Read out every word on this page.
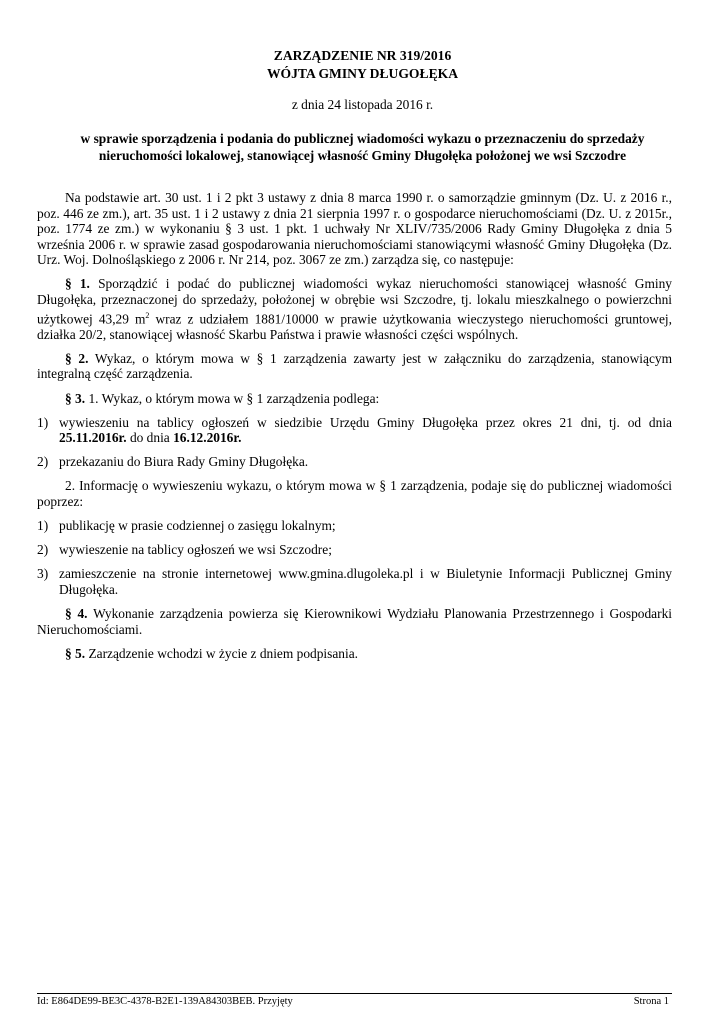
ZARZĄDZENIE NR 319/2016
WÓJTA GMINY DŁUGOŁĘKA
z dnia 24 listopada 2016 r.
w sprawie sporządzenia i podania do publicznej wiadomości wykazu o przeznaczeniu do sprzedaży
nieruchomości lokalowej, stanowiącej własność Gminy Długołęka położonej we wsi Szczodre

Na podstawie art. 30 ust. 1 i 2 pkt 3 ustawy z dnia 8 marca 1990 r. o samorządzie gminnym (Dz. U. z 2016 r., poz. 446 ze zm.), art. 35 ust. 1 i 2 ustawy z dnia 21 sierpnia 1997 r. o gospodarce nieruchomościami (Dz. U. z 2015r., poz. 1774 ze zm.) w wykonaniu § 3 ust. 1 pkt. 1 uchwały Nr XLIV/735/2006 Rady Gminy Długołęka z dnia 5 września 2006 r. w sprawie zasad gospodarowania nieruchomościami stanowiącymi własność Gminy Długołęka (Dz. Urz. Woj. Dolnośląskiego z 2006 r. Nr 214, poz. 3067 ze zm.) zarządza się, co następuje:

§ 1. Sporządzić i podać do publicznej wiadomości wykaz nieruchomości stanowiącej własność Gminy Długołęka, przeznaczonej do sprzedaży, położonej w obrębie wsi Szczodre, tj. lokalu mieszkalnego o powierzchni użytkowej 43,29 $m^2$ wraz z udziałem 1881/10000 w prawie użytkowania wieczystego nieruchomości gruntowej, działka 20/2, stanowiącej własność Skarbu Państwa i prawie własności części wspólnych.

§ 2. Wykaz, o którym mowa w § 1 zarządzenia zawarty jest w załączniku do zarządzenia, stanowiącym integralną część zarządzenia.

§ 3. 1. Wykaz, o którym mowa w § 1 zarządzenia podlega:

1) wywieszeniu na tablicy ogłoszeń w siedzibie Urzędu Gminy Długołęka przez okres 21 dni, tj. od dnia 25.11.2016r. do dnia 16.12.2016r.

2) przekazaniu do Biura Rady Gminy Długołęka.

2. Informację o wywieszeniu wykazu, o którym mowa w § 1 zarządzenia, podaje się do publicznej wiadomości poprzez:

1) publikację w prasie codziennej o zasięgu lokalnym;

2) wywieszenie na tablicy ogłoszeń we wsi Szczodre;

3) zamieszczenie na stronie internetowej www.gmina.dlugoleka.pl i w Biuletynie Informacji Publicznej Gminy Długołęka.

§ 4. Wykonanie zarządzenia powierza się Kierownikowi Wydziału Planowania Przestrzennego i Gospodarki Nieruchomościami.

§ 5. Zarządzenie wchodzi w życie z dniem podpisania.

Id: E864DE99-BE3C-4378-B2E1-139A84303BEB. Przyjęty	Strona 1
